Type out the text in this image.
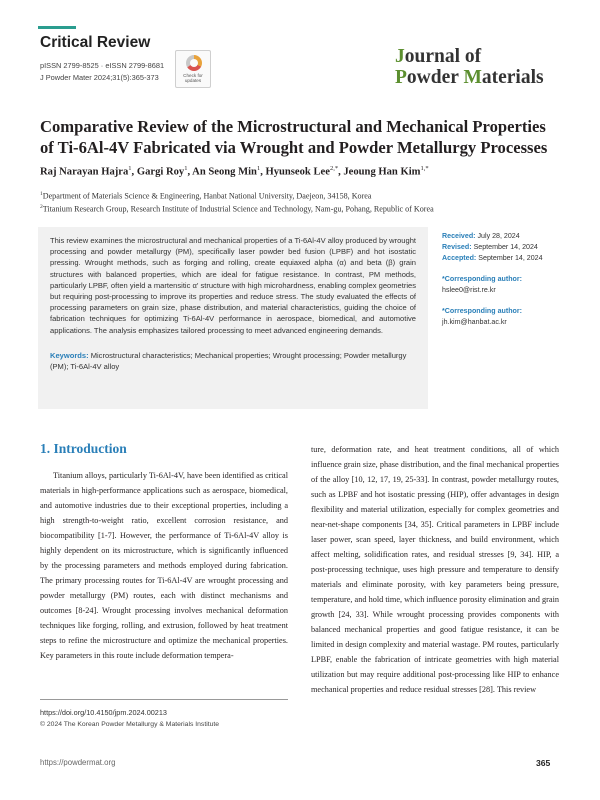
Critical Review
pISSN 2799-8525 · eISSN 2799-8681
J Powder Mater 2024;31(5):365-373	Check for updates
Journal of
Powder Materials
Comparative Review of the Microstructural and Mechanical Properties
of Ti-6Al-4V Fabricated via Wrought and Powder Metallurgy Processes
Raj Narayan Hajra$^1$, Gargi Roy$^1$, An Seong Min$^1$, Hyunseok Lee$^{2,*}$, Jeoung Han Kim$^{1,*}$
$^1$Department of Materials Science & Engineering, Hanbat National University, Daejeon, 34158, Korea
$^2$Titanium Research Group, Research Institute of Industrial Science and Technology, Nam-gu, Pohang, Republic of Korea

This review examines the microstructural and mechanical properties of a Ti-6Al-4V alloy produced by wrought processing and powder metallurgy (PM), specifically laser powder bed fusion (LPBF) and hot isostatic pressing. Wrought methods, such as forging and rolling, create equiaxed alpha (α) and beta (β) grain structures with balanced properties, which are ideal for fatigue resistance. In contrast, PM methods, particularly LPBF, often yield a martensitic α′ structure with high microhardness, enabling complex geometries but requiring post-processing to improve its properties and reduce stress. The study evaluated the effects of processing parameters on grain size, phase distribution, and material characteristics, guiding the choice of fabrication techniques for optimizing Ti-6Al-4V performance in aerospace, biomedical, and automotive applications. The analysis emphasizes tailored processing to meet advanced engineering demands.

Keywords: Microstructural characteristics; Mechanical properties; Wrought processing; Powder metallurgy (PM); Ti-6Al-4V alloy

Received: July 28, 2024
Revised: September 14, 2024
Accepted: September 14, 2024
*Corresponding author:
hslee0@rist.re.kr
*Corresponding author:
jh.kim@hanbat.ac.kr
1. Introduction

Titanium alloys, particularly Ti-6Al-4V, have been identified as critical materials in high-performance applications such as aerospace, biomedical, and automotive industries due to their exceptional properties, including a high strength-to-weight ratio, excellent corrosion resistance, and biocompatibility [1-7]. However, the performance of Ti-6Al-4V alloy is highly dependent on its microstructure, which is significantly influenced by the processing parameters and methods employed during fabrication. The primary processing routes for Ti-6Al-4V are wrought processing and powder metallurgy (PM) routes, each with distinct mechanisms and outcomes [8-24]. Wrought processing involves mechanical deformation techniques like forging, rolling, and extrusion, followed by heat treatment steps to refine the microstructure and optimize the mechanical properties. Key parameters in this route include deformation tempera-

ture, deformation rate, and heat treatment conditions, all of which influence grain size, phase distribution, and the final mechanical properties of the alloy [10, 12, 17, 19, 25-33]. In contrast, powder metallurgy routes, such as LPBF and hot isostatic pressing (HIP), offer advantages in design flexibility and material utilization, especially for complex geometries and near-net-shape components [34, 35]. Critical parameters in LPBF include laser power, scan speed, layer thickness, and build environment, which affect melting, solidification rates, and residual stresses [9, 34]. HIP, a post-processing technique, uses high pressure and temperature to densify materials and eliminate porosity, with key parameters being pressure, temperature, and hold time, which influence porosity elimination and grain growth [24, 33]. While wrought processing provides components with balanced mechanical properties and good fatigue resistance, it can be limited in design complexity and material wastage. PM routes, particularly LPBF, enable the fabrication of intricate geometries with high material utilization but may require additional post-processing like HIP to enhance mechanical properties and reduce residual stresses [28]. This review

https://doi.org/10.4150/jpm.2024.00213
© 2024 The Korean Powder Metallurgy & Materials Institute
https://powdermat.org	365
